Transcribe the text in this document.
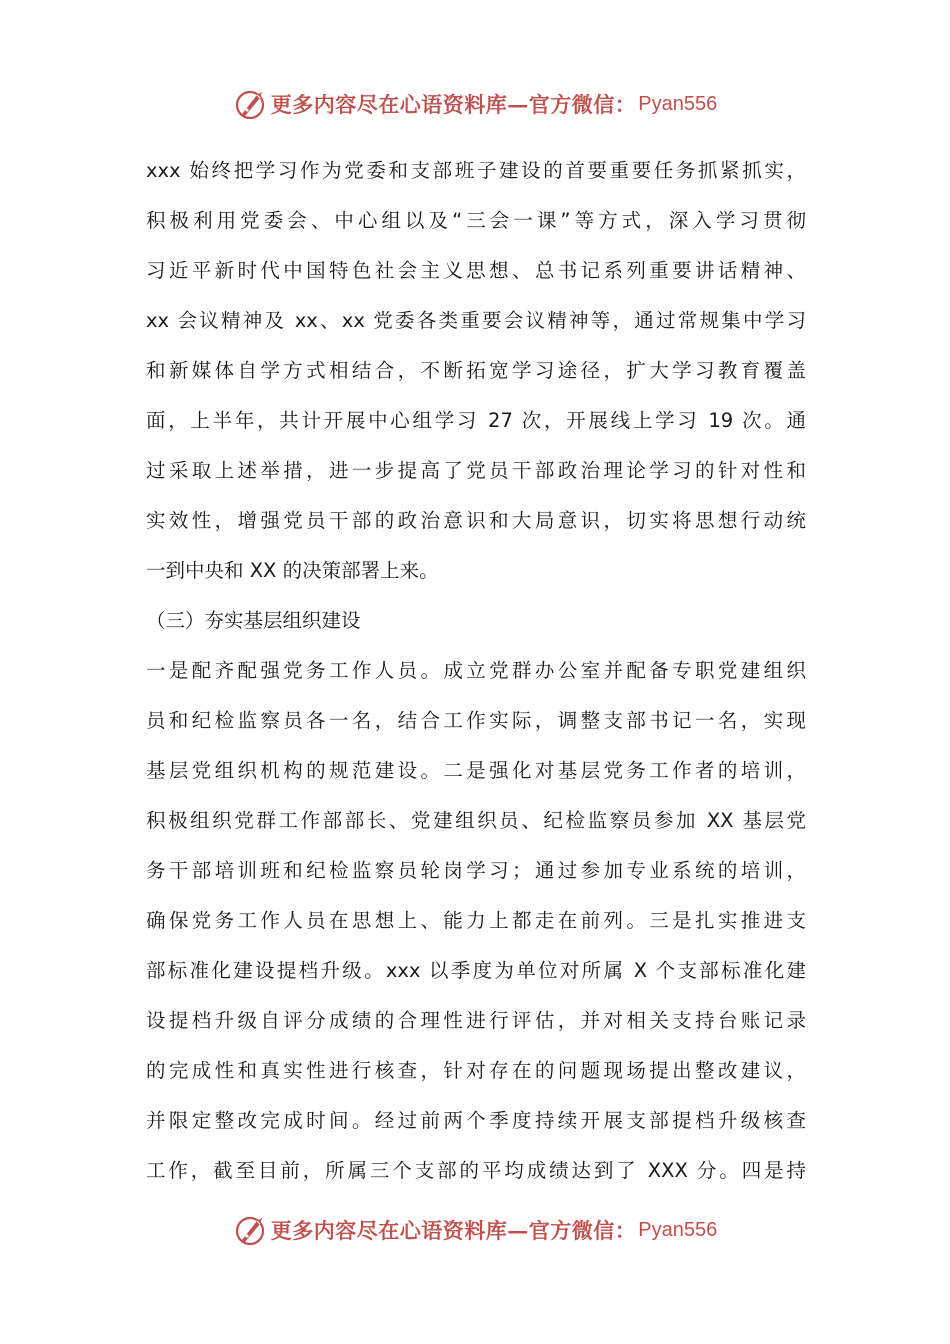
更多内容尽在心语资料库—官方微信： Pyan556
xxx 始终把学习作为党委和支部班子建设的首要重要任务抓紧抓实，
积极利用党委会、中心组以及“三会一课”等方式，深入学习贯彻
习近平新时代中国特色社会主义思想、总书记系列重要讲话精神、
xx 会议精神及 xx、xx 党委各类重要会议精神等，通过常规集中学习
和新媒体自学方式相结合，不断拓宽学习途径，扩大学习教育覆盖
面，上半年，共计开展中心组学习 27 次，开展线上学习 19 次。通
过采取上述举措，进一步提高了党员干部政治理论学习的针对性和
实效性，增强党员干部的政治意识和大局意识，切实将思想行动统
一到中央和 XX 的决策部署上来。
（三）夯实基层组织建设
一是配齐配强党务工作人员。成立党群办公室并配备专职党建组织
员和纪检监察员各一名，结合工作实际，调整支部书记一名，实现
基层党组织机构的规范建设。二是强化对基层党务工作者的培训，
积极组织党群工作部部长、党建组织员、纪检监察员参加 XX 基层党
务干部培训班和纪检监察员轮岗学习；通过参加专业系统的培训，
确保党务工作人员在思想上、能力上都走在前列。三是扎实推进支
部标准化建设提档升级。xxx 以季度为单位对所属 X 个支部标准化建
设提档升级自评分成绩的合理性进行评估，并对相关支持台账记录
的完成性和真实性进行核查，针对存在的问题现场提出整改建议，
并限定整改完成时间。经过前两个季度持续开展支部提档升级核查
工作，截至目前，所属三个支部的平均成绩达到了 XXX 分。四是持
更多内容尽在心语资料库—官方微信： Pyan556
